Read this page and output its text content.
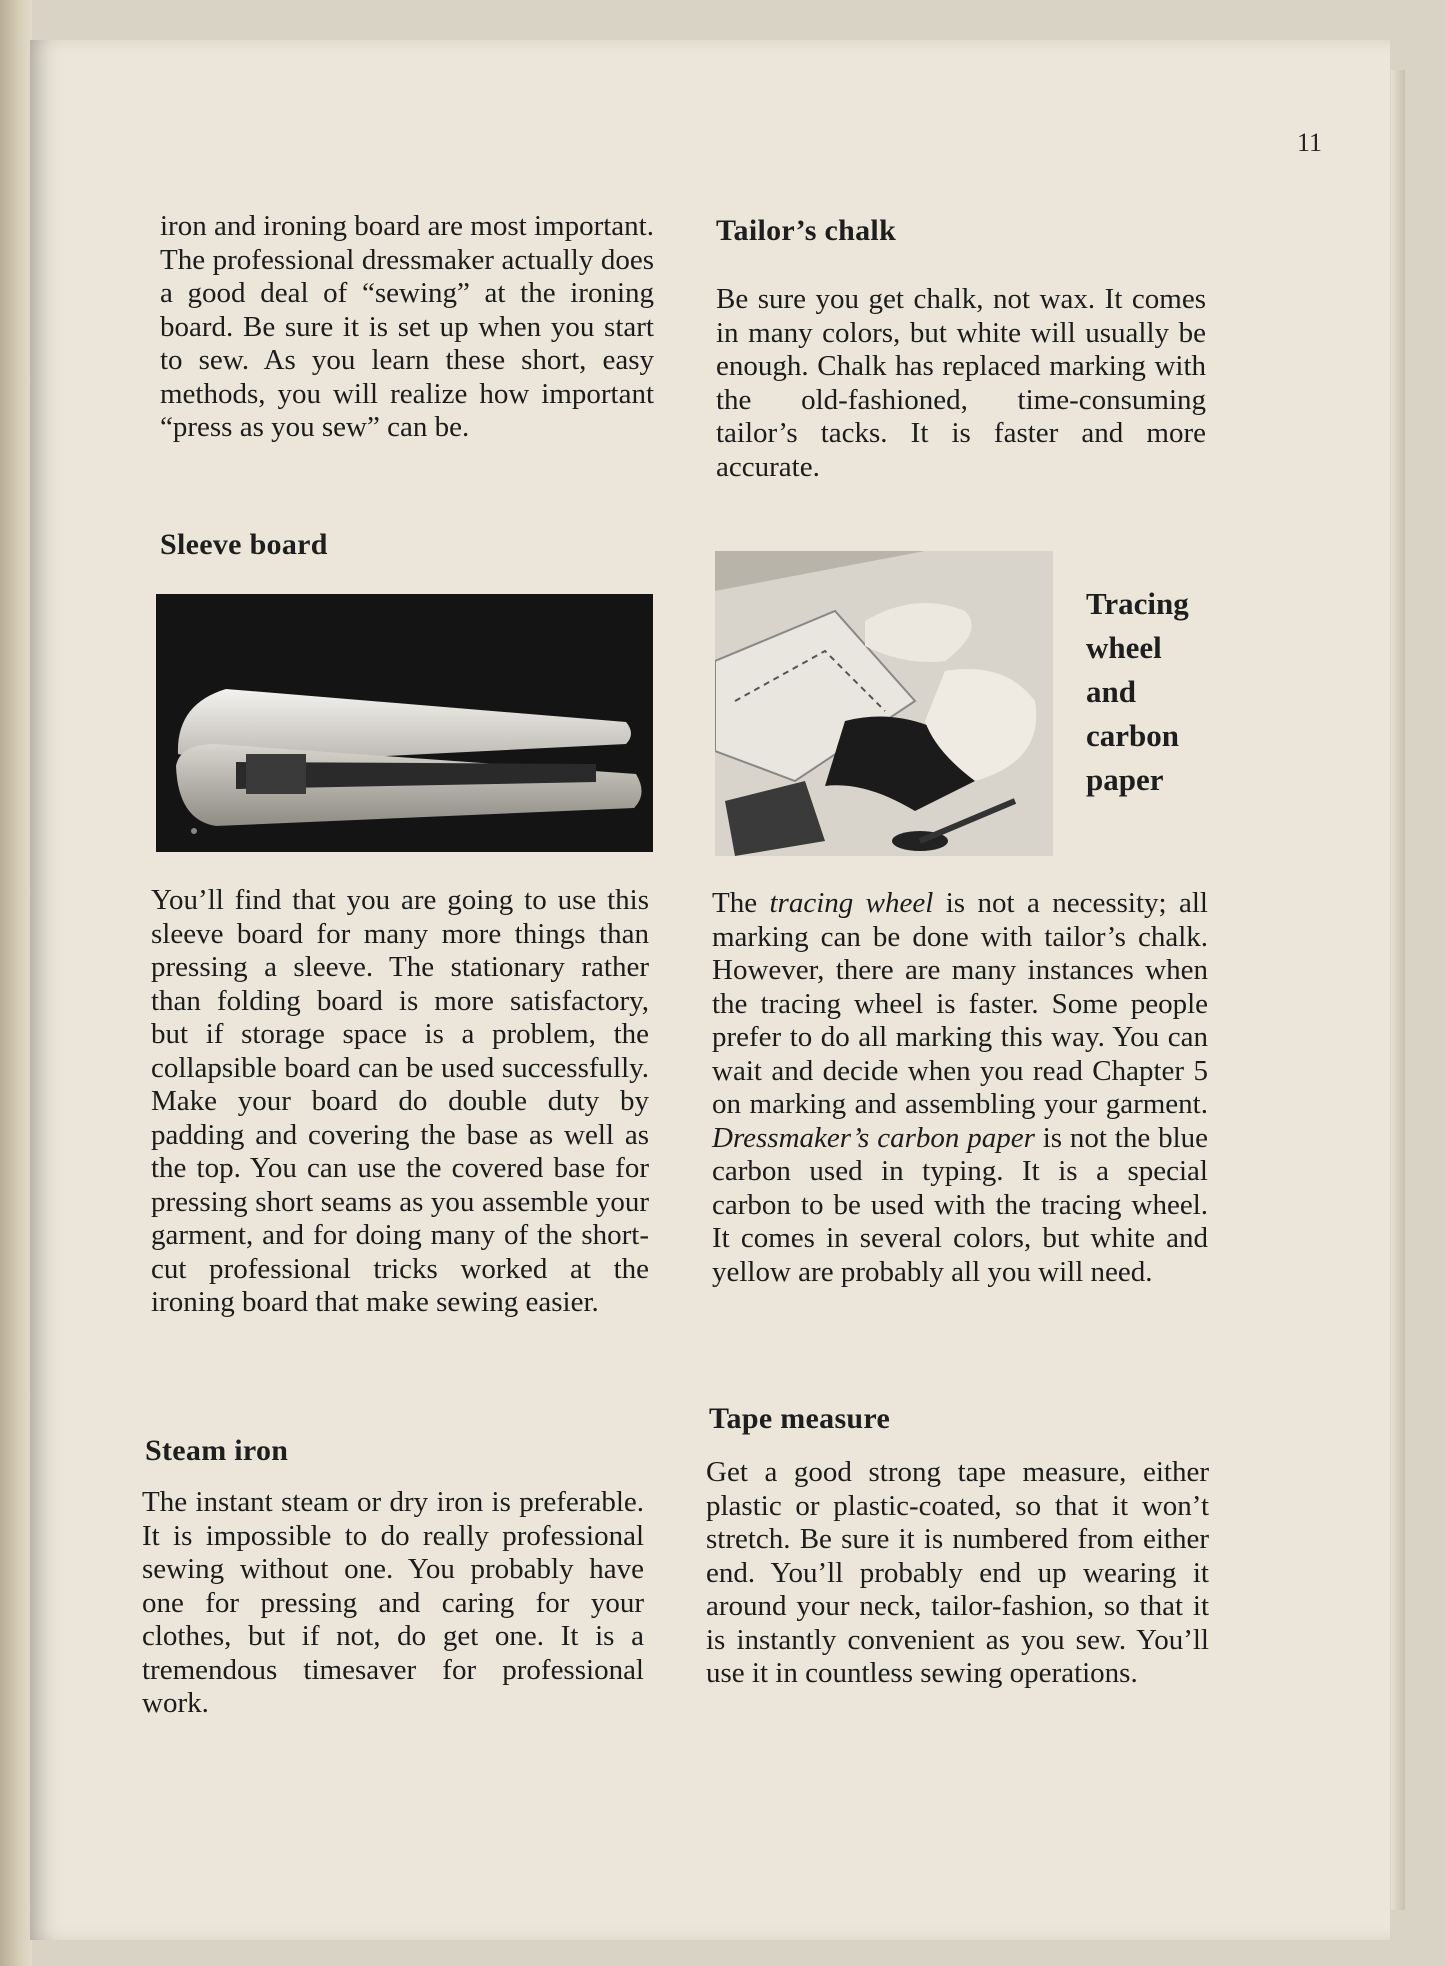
11

iron and ironing board are most important. The professional dressmaker actually does a good deal of “sewing” at the ironing board. Be sure it is set up when you start to sew. As you learn these short, easy methods, you will realize how important “press as you sew” can be.

Sleeve board

You’ll find that you are going to use this sleeve board for many more things than pressing a sleeve. The stationary rather than folding board is more satisfactory, but if storage space is a problem, the collapsible board can be used successfully. Make your board do double duty by padding and covering the base as well as the top. You can use the covered base for pressing short seams as you assemble your garment, and for doing many of the short-cut professional tricks worked at the ironing board that make sewing easier.

Steam iron

The instant steam or dry iron is preferable. It is impossible to do really professional sewing without one. You probably have one for pressing and caring for your clothes, but if not, do get one. It is a tremendous timesaver for professional work.

Tailor’s chalk

Be sure you get chalk, not wax. It comes in many colors, but white will usually be enough. Chalk has replaced marking with the old-fashioned, time-consuming tailor’s tacks. It is faster and more accurate.

Tracing
wheel
and
carbon
paper

The tracing wheel is not a necessity; all marking can be done with tailor’s chalk. However, there are many instances when the tracing wheel is faster. Some people prefer to do all marking this way. You can wait and decide when you read Chapter 5 on marking and assembling your garment. Dressmaker’s carbon paper is not the blue carbon used in typing. It is a special carbon to be used with the tracing wheel. It comes in several colors, but white and yellow are probably all you will need.

Tape measure

Get a good strong tape measure, either plastic or plastic-coated, so that it won’t stretch. Be sure it is numbered from either end. You’ll probably end up wearing it around your neck, tailor-fashion, so that it is instantly convenient as you sew. You’ll use it in countless sewing operations.
